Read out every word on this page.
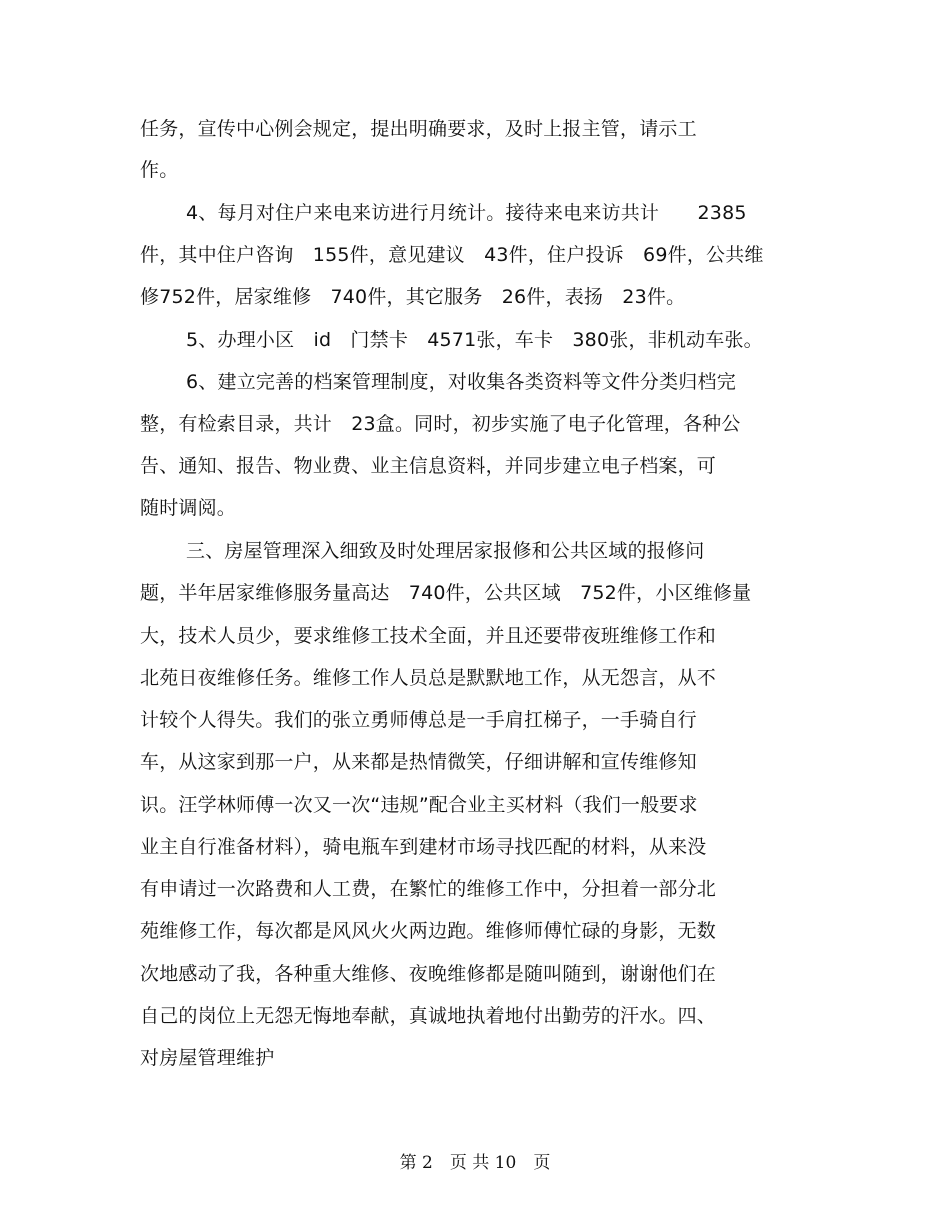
任务，宣传中心例会规定，提出明确要求，及时上报主管，请示工
作。
4、每月对住户来电来访进行月统计。接待来电来访共计　　2385
件，其中住户咨询　155件，意见建议　43件，住户投诉　69件，公共维
修752件，居家维修　740件，其它服务　26件，表扬　23件。
5、办理小区　id　门禁卡　4571张，车卡　380张，非机动车张。
6、建立完善的档案管理制度，对收集各类资料等文件分类归档完
整，有检索目录，共计　23盒。同时，初步实施了电子化管理，各种公
告、通知、报告、物业费、业主信息资料，并同步建立电子档案，可
随时调阅。
三、房屋管理深入细致及时处理居家报修和公共区域的报修问
题，半年居家维修服务量高达　740件，公共区域　752件，小区维修量
大，技术人员少，要求维修工技术全面，并且还要带夜班维修工作和
北苑日夜维修任务。维修工作人员总是默默地工作，从无怨言，从不
计较个人得失。我们的张立勇师傅总是一手肩扛梯子，一手骑自行
车，从这家到那一户，从来都是热情微笑，仔细讲解和宣传维修知
识。汪学林师傅一次又一次“违规”配合业主买材料（我们一般要求
业主自行准备材料），骑电瓶车到建材市场寻找匹配的材料，从来没
有申请过一次路费和人工费，在繁忙的维修工作中，分担着一部分北
苑维修工作，每次都是风风火火两边跑。维修师傅忙碌的身影，无数
次地感动了我，各种重大维修、夜晚维修都是随叫随到，谢谢他们在
自己的岗位上无怨无悔地奉献，真诚地执着地付出勤劳的汗水。四、
对房屋管理维护
第 2　页 共 10　页
